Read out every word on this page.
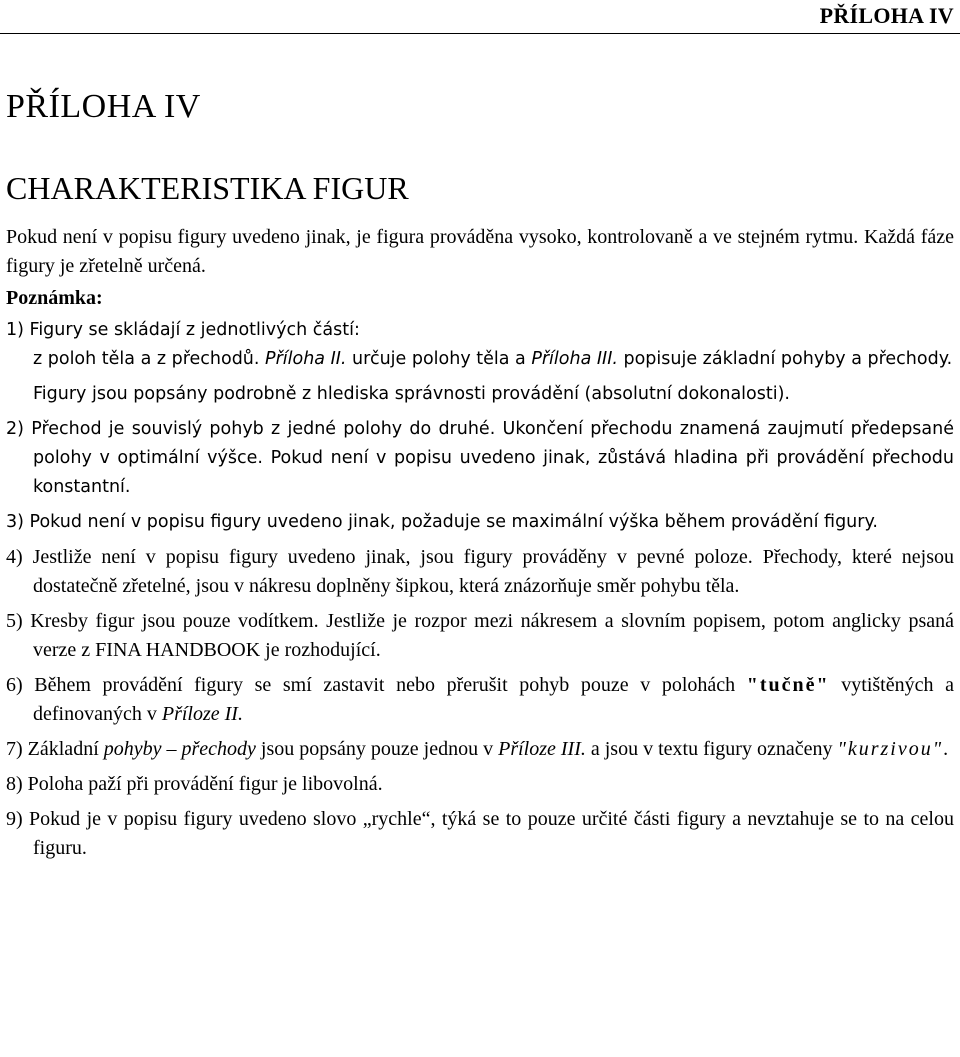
PŘÍLOHA IV
PŘÍLOHA IV
CHARAKTERISTIKA FIGUR

Pokud není v popisu figury uvedeno jinak, je figura prováděna vysoko, kontrolovaně a ve stejném rytmu. Každá fáze figury je zřetelně určená.

Poznámka:

1) Figury se skládají z jednotlivých částí:

z poloh těla a z přechodů. Příloha II. určuje polohy těla a Příloha III. popisuje základní pohyby a přechody.

Figury jsou popsány podrobně z hlediska správnosti provádění (absolutní dokonalosti).

2) Přechod je souvislý pohyb z jedné polohy do druhé. Ukončení přechodu znamená zaujmutí předepsané polohy v optimální výšce. Pokud není v popisu uvedeno jinak, zůstává hladina při provádění přechodu konstantní.

3) Pokud není v popisu figury uvedeno jinak, požaduje se maximální výška během provádění figury.

4) Jestliže není v popisu figury uvedeno jinak, jsou figury prováděny v pevné poloze. Přechody, které nejsou dostatečně zřetelné, jsou v nákresu doplněny šipkou, která znázorňuje směr pohybu těla.

5) Kresby figur jsou pouze vodítkem. Jestliže je rozpor mezi nákresem a slovním popisem, potom anglicky psaná verze z FINA HANDBOOK je rozhodující.

6) Během provádění figury se smí zastavit nebo přerušit pohyb pouze v polohách "tučně" vytištěných a definovaných v Příloze II.

7) Základní pohyby – přechody jsou popsány pouze jednou v Příloze III. a jsou v textu figury označeny "kurzivou".

8) Poloha paží při provádění figur je libovolná.

9) Pokud je v popisu figury uvedeno slovo „rychle“, týká se to pouze určité části figury a nevztahuje se to na celou figuru.
